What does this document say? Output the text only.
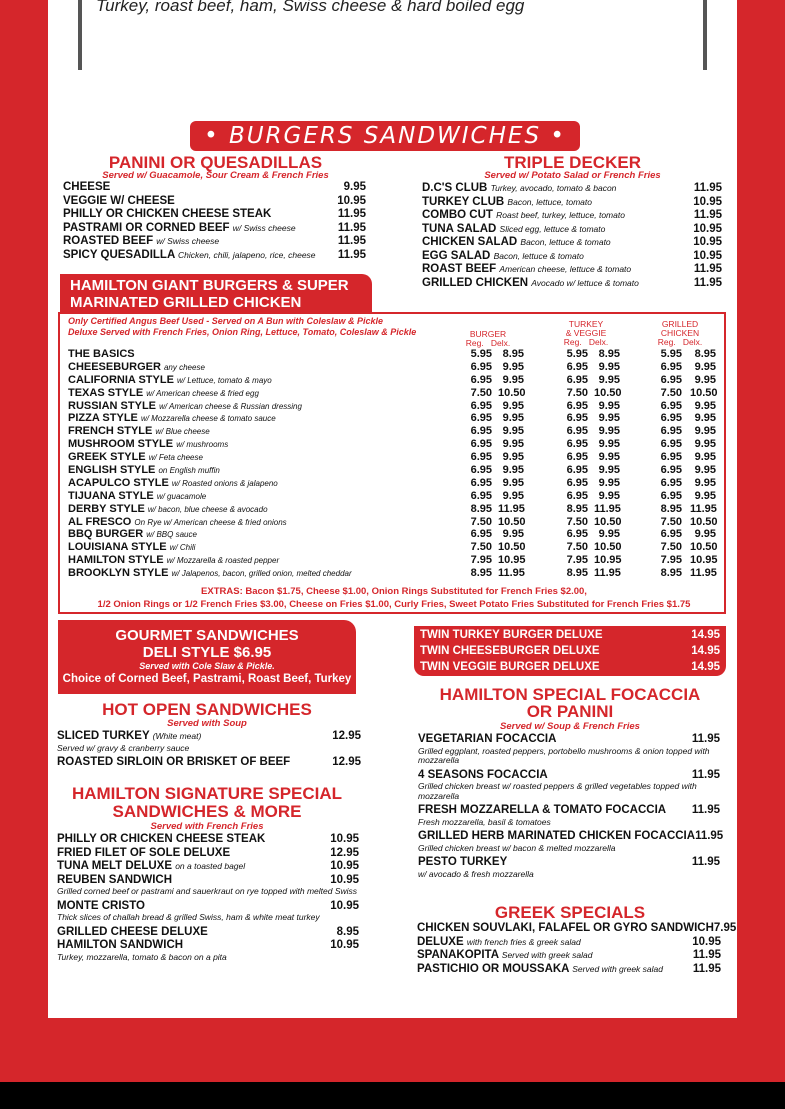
Turkey, roast beef, ham, Swiss cheese & hard boiled egg
• BURGERS SANDWICHES •
PANINI OR QUESADILLAS
Served w/ Guacamole, Sour Cream & French Fries
CHEESE	9.95
VEGGIE W/ CHEESE	10.95
PHILLY OR CHICKEN CHEESE STEAK	11.95
PASTRAMI OR CORNED BEEF w/ Swiss cheese	11.95
ROASTED BEEF w/ Swiss cheese	11.95
SPICY QUESADILLA Chicken, chili, jalapeno, rice, cheese 11.95
TRIPLE DECKER
Served w/ Potato Salad or French Fries
D.C'S CLUB Turkey, avocado, tomato & bacon	11.95
TURKEY CLUB Bacon, lettuce, tomato	10.95
COMBO CUT Roast beef, turkey, lettuce, tomato	11.95
TUNA SALAD Sliced egg, lettuce & tomato	10.95
CHICKEN SALAD Bacon, lettuce & tomato	10.95
EGG SALAD Bacon, lettuce & tomato	10.95
ROAST BEEF American cheese, lettuce & tomato	11.95
GRILLED CHICKEN Avocado w/ lettuce & tomato	11.95
HAMILTON GIANT BURGERS & SUPER
MARINATED GRILLED CHICKEN
Only Certified Angus Beef Used - Served on A Bun with Coleslaw & Pickle
Deluxe Served with French Fries, Onion Ring, Lettuce, Tomato, Coleslaw & Pickle	BURGER
Reg. Delx.
TURKEY
& VEGGIE
Reg. Delx.
GRILLED
CHICKEN
Reg. Delx.
THE BASICS	5.95 8.95	5.95 8.95	5.95	8.95
CHEESEBURGER any cheese	6.95 9.95	6.95 9.95	6.95	9.95
CALIFORNIA STYLE w/ Lettuce, tomato & mayo	6.95 9.95	6.95 9.95	6.95	9.95
TEXAS STYLE w/ American cheese & fried egg	7.50 10.50	7.50 10.50	7.50 10.50
RUSSIAN STYLE w/ American cheese & Russian dressing	6.95 9.95	6.95 9.95	6.95	9.95
PIZZA STYLE w/ Mozzarella cheese & tomato sauce	6.95 9.95	6.95 9.95	6.95	9.95
FRENCH STYLE w/ Blue cheese	6.95 9.95	6.95 9.95	6.95	9.95
MUSHROOM STYLE w/ mushrooms	6.95 9.95	6.95 9.95	6.95	9.95
GREEK STYLE w/ Feta cheese	6.95 9.95	6.95 9.95	6.95	9.95
ENGLISH STYLE on English muffin	6.95 9.95	6.95 9.95	6.95	9.95
ACAPULCO STYLE w/ Roasted onions & jalapeno	6.95 9.95	6.95 9.95	6.95	9.95
TIJUANA STYLE w/ guacamole	6.95 9.95	6.95 9.95	6.95	9.95
DERBY STYLE w/ bacon, blue cheese & avocado	8.95 11.95	8.95 11.95	8.95 11.95
AL FRESCO On Rye w/ American cheese & fried onions	7.50 10.50	7.50 10.50	7.50 10.50
BBQ BURGER w/ BBQ sauce	6.95 9.95	6.95 9.95	6.95	9.95
LOUISIANA STYLE w/ Chili	7.50 10.50	7.50 10.50	7.50 10.50
HAMILTON STYLE w/ Mozzarella & roasted pepper	7.95 10.95	7.95 10.95	7.95 10.95
BROOKLYN STYLE w/ Jalapenos, bacon, grilled onion, melted cheddar	8.95 11.95	8.95 11.95	8.95 11.95
EXTRAS: Bacon $1.75, Cheese $1.00, Onion Rings Substituted for French Fries $2.00,
1/2 Onion Rings or 1/2 French Fries $3.00, Cheese on Fries $1.00, Curly Fries, Sweet Potato Fries Substituted for French Fries $1.75
GOURMET SANDWICHES
DELI STYLE $6.95
Served with Cole Slaw & Pickle.
Choice of Corned Beef, Pastrami, Roast Beef, Turkey
TWIN TURKEY BURGER DELUXE	14.95
TWIN CHEESEBURGER DELUXE	14.95
TWIN VEGGIE BURGER DELUXE	14.95
HOT OPEN SANDWICHES
Served with Soup
SLICED TURKEY (White meat)	12.95
Served w/ gravy & cranberry sauce
ROASTED SIRLOIN OR BRISKET OF BEEF	12.95
HAMILTON SIGNATURE SPECIAL
SANDWICHES & MORE
Served with French Fries
PHILLY OR CHICKEN CHEESE STEAK	10.95
FRIED FILET OF SOLE DELUXE	12.95
TUNA MELT DELUXE on a toasted bagel	10.95
REUBEN SANDWICH	10.95
Grilled corned beef or pastrami and sauerkraut on rye topped with melted Swiss
MONTE CRISTO	10.95
Thick slices of challah bread & grilled Swiss, ham & white meat turkey
GRILLED CHEESE DELUXE	8.95
HAMILTON SANDWICH	10.95
Turkey, mozzarella, tomato & bacon on a pita
HAMILTON SPECIAL FOCACCIA
OR PANINI
Served w/ Soup & French Fries
VEGETARIAN FOCACCIA	11.95
Grilled eggplant, roasted peppers, portobello mushrooms & onion topped with mozzarella
4 SEASONS FOCACCIA	11.95
Grilled chicken breast w/ roasted peppers & grilled vegetables topped with mozzarella
FRESH MOZZARELLA & TOMATO FOCACCIA 11.95
Fresh mozzarella, basil & tomatoes
GRILLED HERB MARINATED CHICKEN FOCACCIA 11.95
Grilled chicken breast w/ bacon & melted mozzarella
PESTO TURKEY	11.95
w/ avocado & fresh mozzarella
GREEK SPECIALS
CHICKEN SOUVLAKI, FALAFEL OR GYRO SANDWICH 7.95
DELUXE with french fries & greek salad	10.95
SPANAKOPITA Served with greek salad	11.95
PASTICHIO OR MOUSSAKA Served with greek salad	11.95
